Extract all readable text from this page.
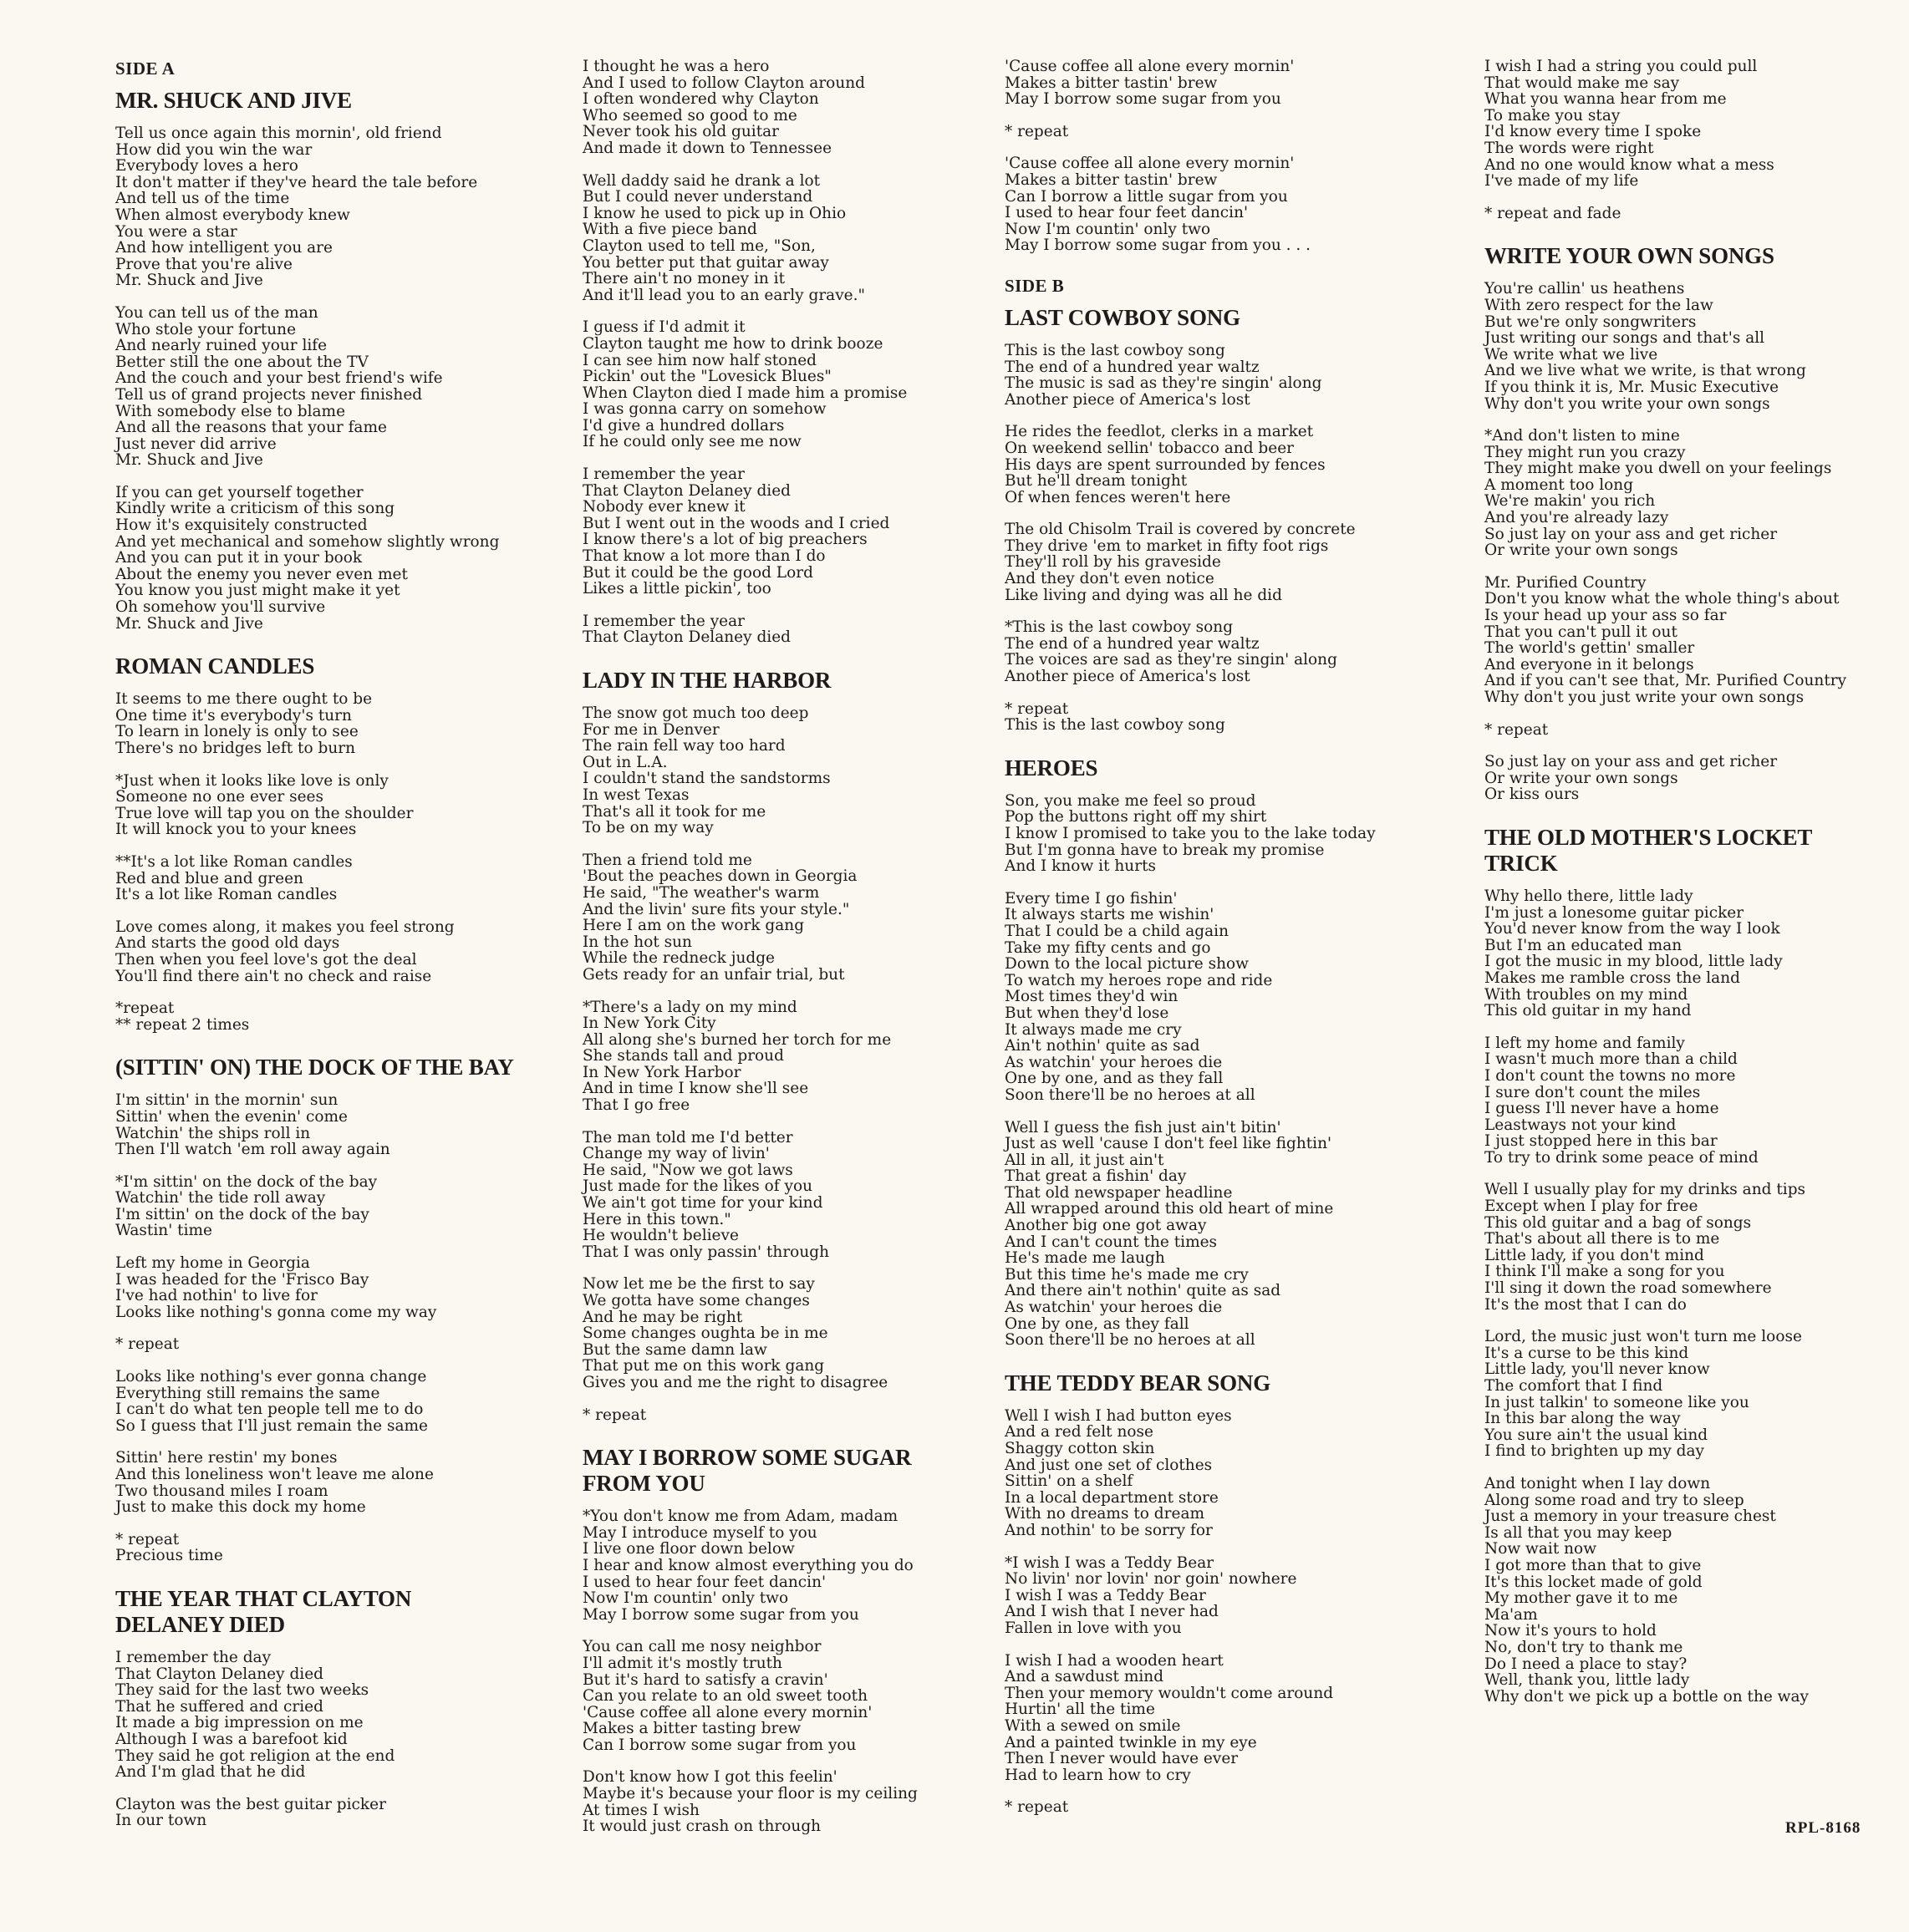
SIDE A
MR. SHUCK AND JIVE
Tell us once again this mornin', old friend
How did you win the war
Everybody loves a hero
It don't matter if they've heard the tale before
And tell us of the time
When almost everybody knew
You were a star
And how intelligent you are
Prove that you're alive
Mr. Shuck and Jive
You can tell us of the man
Who stole your fortune
And nearly ruined your life
Better still the one about the TV
And the couch and your best friend's wife
Tell us of grand projects never finished
With somebody else to blame
And all the reasons that your fame
Just never did arrive
Mr. Shuck and Jive
If you can get yourself together
Kindly write a criticism of this song
How it's exquisitely constructed
And yet mechanical and somehow slightly wrong
And you can put it in your book
About the enemy you never even met
You know you just might make it yet
Oh somehow you'll survive
Mr. Shuck and Jive
ROMAN CANDLES
It seems to me there ought to be
One time it's everybody's turn
To learn in lonely is only to see
There's no bridges left to burn
*Just when it looks like love is only
Someone no one ever sees
True love will tap you on the shoulder
It will knock you to your knees
**It's a lot like Roman candles
Red and blue and green
It's a lot like Roman candles
Love comes along, it makes you feel strong
And starts the good old days
Then when you feel love's got the deal
You'll find there ain't no check and raise
*repeat
** repeat 2 times
(SITTIN' ON) THE DOCK OF THE BAY
I'm sittin' in the mornin' sun
Sittin' when the evenin' come
Watchin' the ships roll in
Then I'll watch 'em roll away again
*I'm sittin' on the dock of the bay
Watchin' the tide roll away
I'm sittin' on the dock of the bay
Wastin' time
Left my home in Georgia
I was headed for the 'Frisco Bay
I've had nothin' to live for
Looks like nothing's gonna come my way
* repeat
Looks like nothing's ever gonna change
Everything still remains the same
I can't do what ten people tell me to do
So I guess that I'll just remain the same
Sittin' here restin' my bones
And this loneliness won't leave me alone
Two thousand miles I roam
Just to make this dock my home
* repeat
Precious time
THE YEAR THAT CLAYTON
DELANEY DIED
I remember the day
That Clayton Delaney died
They said for the last two weeks
That he suffered and cried
It made a big impression on me
Although I was a barefoot kid
They said he got religion at the end
And I'm glad that he did
Clayton was the best guitar picker
In our town
I thought he was a hero
And I used to follow Clayton around
I often wondered why Clayton
Who seemed so good to me
Never took his old guitar
And made it down to Tennessee
Well daddy said he drank a lot
But I could never understand
I know he used to pick up in Ohio
With a five piece band
Clayton used to tell me, "Son,
You better put that guitar away
There ain't no money in it
And it'll lead you to an early grave."
I guess if I'd admit it
Clayton taught me how to drink booze
I can see him now half stoned
Pickin' out the "Lovesick Blues"
When Clayton died I made him a promise
I was gonna carry on somehow
I'd give a hundred dollars
If he could only see me now
I remember the year
That Clayton Delaney died
Nobody ever knew it
But I went out in the woods and I cried
I know there's a lot of big preachers
That know a lot more than I do
But it could be the good Lord
Likes a little pickin', too
I remember the year
That Clayton Delaney died
LADY IN THE HARBOR
The snow got much too deep
For me in Denver
The rain fell way too hard
Out in L.A.
I couldn't stand the sandstorms
In west Texas
That's all it took for me
To be on my way
Then a friend told me
'Bout the peaches down in Georgia
He said, "The weather's warm
And the livin' sure fits your style."
Here I am on the work gang
In the hot sun
While the redneck judge
Gets ready for an unfair trial, but
*There's a lady on my mind
In New York City
All along she's burned her torch for me
She stands tall and proud
In New York Harbor
And in time I know she'll see
That I go free
The man told me I'd better
Change my way of livin'
He said, "Now we got laws
Just made for the likes of you
We ain't got time for your kind
Here in this town."
He wouldn't believe
That I was only passin' through
Now let me be the first to say
We gotta have some changes
And he may be right
Some changes oughta be in me
But the same damn law
That put me on this work gang
Gives you and me the right to disagree
* repeat
MAY I BORROW SOME SUGAR
FROM YOU
*You don't know me from Adam, madam
May I introduce myself to you
I live one floor down below
I hear and know almost everything you do
I used to hear four feet dancin'
Now I'm countin' only two
May I borrow some sugar from you
You can call me nosy neighbor
I'll admit it's mostly truth
But it's hard to satisfy a cravin'
Can you relate to an old sweet tooth
'Cause coffee all alone every mornin'
Makes a bitter tasting brew
Can I borrow some sugar from you
Don't know how I got this feelin'
Maybe it's because your floor is my ceiling
At times I wish
It would just crash on through
'Cause coffee all alone every mornin'
Makes a bitter tastin' brew
May I borrow some sugar from you
* repeat
'Cause coffee all alone every mornin'
Makes a bitter tastin' brew
Can I borrow a little sugar from you
I used to hear four feet dancin'
Now I'm countin' only two
May I borrow some sugar from you . . .
SIDE B
LAST COWBOY SONG
This is the last cowboy song
The end of a hundred year waltz
The music is sad as they're singin' along
Another piece of America's lost
He rides the feedlot, clerks in a market
On weekend sellin' tobacco and beer
His days are spent surrounded by fences
But he'll dream tonight
Of when fences weren't here
The old Chisolm Trail is covered by concrete
They drive 'em to market in fifty foot rigs
They'll roll by his graveside
And they don't even notice
Like living and dying was all he did
*This is the last cowboy song
The end of a hundred year waltz
The voices are sad as they're singin' along
Another piece of America's lost
* repeat
This is the last cowboy song
HEROES
Son, you make me feel so proud
Pop the buttons right off my shirt
I know I promised to take you to the lake today
But I'm gonna have to break my promise
And I know it hurts
Every time I go fishin'
It always starts me wishin'
That I could be a child again
Take my fifty cents and go
Down to the local picture show
To watch my heroes rope and ride
Most times they'd win
But when they'd lose
It always made me cry
Ain't nothin' quite as sad
As watchin' your heroes die
One by one, and as they fall
Soon there'll be no heroes at all
Well I guess the fish just ain't bitin'
Just as well 'cause I don't feel like fightin'
All in all, it just ain't
That great a fishin' day
That old newspaper headline
All wrapped around this old heart of mine
Another big one got away
And I can't count the times
He's made me laugh
But this time he's made me cry
And there ain't nothin' quite as sad
As watchin' your heroes die
One by one, as they fall
Soon there'll be no heroes at all
THE TEDDY BEAR SONG
Well I wish I had button eyes
And a red felt nose
Shaggy cotton skin
And just one set of clothes
Sittin' on a shelf
In a local department store
With no dreams to dream
And nothin' to be sorry for
*I wish I was a Teddy Bear
No livin' nor lovin' nor goin' nowhere
I wish I was a Teddy Bear
And I wish that I never had
Fallen in love with you
I wish I had a wooden heart
And a sawdust mind
Then your memory wouldn't come around
Hurtin' all the time
With a sewed on smile
And a painted twinkle in my eye
Then I never would have ever
Had to learn how to cry
* repeat
I wish I had a string you could pull
That would make me say
What you wanna hear from me
To make you stay
I'd know every time I spoke
The words were right
And no one would know what a mess
I've made of my life
* repeat and fade
WRITE YOUR OWN SONGS
You're callin' us heathens
With zero respect for the law
But we're only songwriters
Just writing our songs and that's all
We write what we live
And we live what we write, is that wrong
If you think it is, Mr. Music Executive
Why don't you write your own songs
*And don't listen to mine
They might run you crazy
They might make you dwell on your feelings
A moment too long
We're makin' you rich
And you're already lazy
So just lay on your ass and get richer
Or write your own songs
Mr. Purified Country
Don't you know what the whole thing's about
Is your head up your ass so far
That you can't pull it out
The world's gettin' smaller
And everyone in it belongs
And if you can't see that, Mr. Purified Country
Why don't you just write your own songs
* repeat
So just lay on your ass and get richer
Or write your own songs
Or kiss ours
THE OLD MOTHER'S LOCKET TRICK
Why hello there, little lady
I'm just a lonesome guitar picker
You'd never know from the way I look
But I'm an educated man
I got the music in my blood, little lady
Makes me ramble cross the land
With troubles on my mind
This old guitar in my hand
I left my home and family
I wasn't much more than a child
I don't count the towns no more
I sure don't count the miles
I guess I'll never have a home
Leastways not your kind
I just stopped here in this bar
To try to drink some peace of mind
Well I usually play for my drinks and tips
Except when I play for free
This old guitar and a bag of songs
That's about all there is to me
Little lady, if you don't mind
I think I'll make a song for you
I'll sing it down the road somewhere
It's the most that I can do
Lord, the music just won't turn me loose
It's a curse to be this kind
Little lady, you'll never know
The comfort that I find
In just talkin' to someone like you
In this bar along the way
You sure ain't the usual kind
I find to brighten up my day
And tonight when I lay down
Along some road and try to sleep
Just a memory in your treasure chest
Is all that you may keep
Now wait now
I got more than that to give
It's this locket made of gold
My mother gave it to me
Ma'am
Now it's yours to hold
No, don't try to thank me
Do I need a place to stay?
Well, thank you, little lady
Why don't we pick up a bottle on the way
RPL-8168
